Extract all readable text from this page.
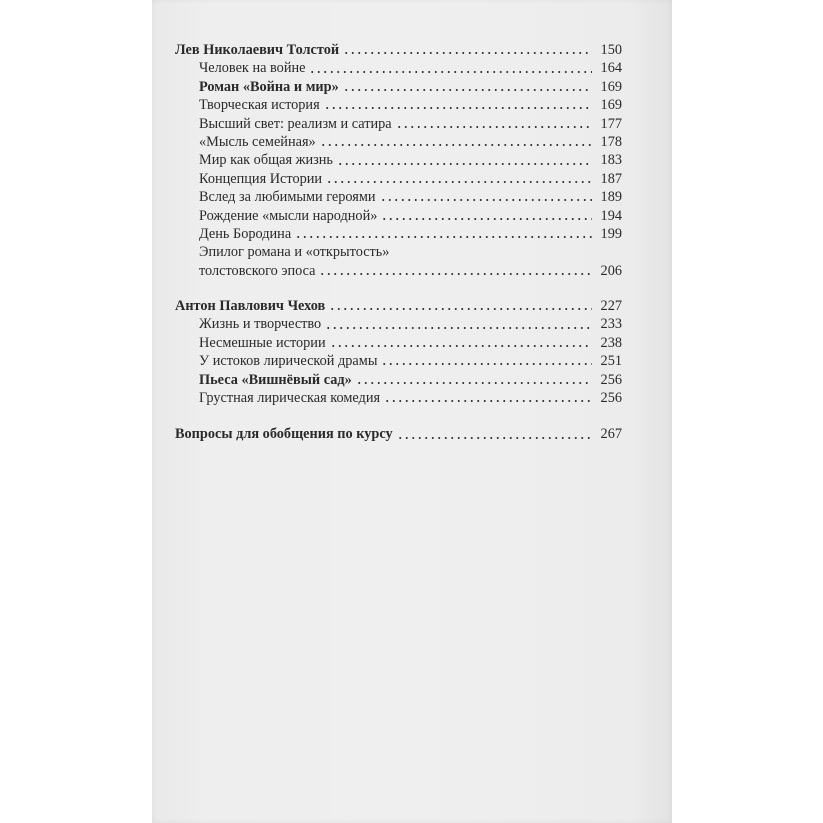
Лев Николаевич Толстой	150
Человек на войне	164
Роман «Война и мир»	169
Творческая история	169
Высший свет: реализм и сатира	177
«Мысль семейная»	178
Мир как общая жизнь	183
Концепция Истории	187
Вслед за любимыми героями	189
Рождение «мысли народной»	194
День Бородина	199
Эпилог романа и «открытость»
толстовского эпоса	206
Антон Павлович Чехов	227
Жизнь и творчество	233
Несмешные истории	238
У истоков лирической драмы	251
Пьеса «Вишнёвый сад»	256
Грустная лирическая комедия	256
Вопросы для обобщения по курсу	267
